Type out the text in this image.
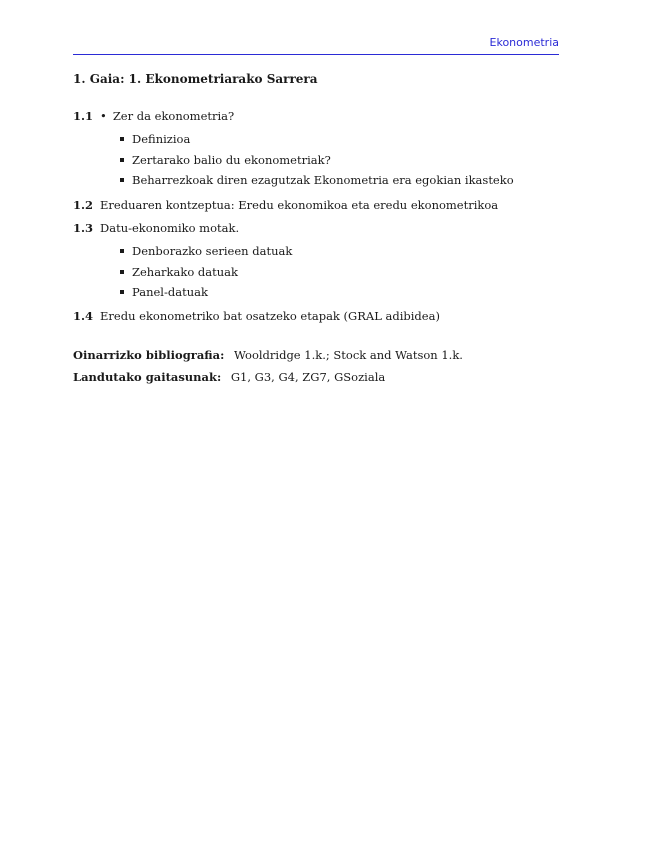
Ekonometria
1. Gaia: 1. Ekonometriarako Sarrera
1.1 • Zer da ekonometria?
Definizioa
Zertarako balio du ekonometriak?
Beharrezkoak diren ezagutzak Ekonometria era egokian ikasteko
1.2 Ereduaren kontzeptua: Eredu ekonomikoa eta eredu ekonometrikoa
1.3 Datu-ekonomiko motak.
Denborazko serieen datuak
Zeharkako datuak
Panel-datuak
1.4 Eredu ekonometriko bat osatzeko etapak (GRAL adibidea)
Oinarrizko bibliografia: Wooldridge 1.k.; Stock and Watson 1.k.
Landutako gaitasunak: G1, G3, G4, ZG7, GSoziala
